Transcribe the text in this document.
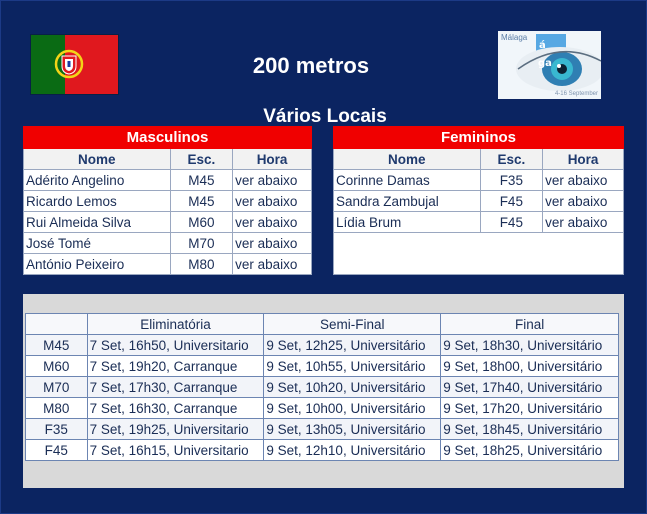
200 metros
Vários Locais
á
ga
Málaga
4-16 September
Masculinos		
Nome	Esc.	Hora
Adérito Angelino	M45	ver abaixo
Ricardo Lemos	M45	ver abaixo
Rui Almeida Silva	M60	ver abaixo
José Tomé	M70	ver abaixo
António Peixeiro	M80	ver abaixo
Femininos		
Nome	Esc.	Hora
Corinne Damas	F35	ver abaixo
Sandra Zambujal	F45	ver abaixo
Lídia Brum	F45	ver abaixo

	Eliminatória	Semi-Final	Final
M45	7 Set, 16h50, Universitario	9 Set, 12h25, Universitário	9 Set, 18h30, Universitário
M60	7 Set, 19h20, Carranque	9 Set, 10h55, Universitário	9 Set, 18h00, Universitário
M70	7 Set, 17h30, Carranque	9 Set, 10h20, Universitário	9 Set, 17h40, Universitário
M80	7 Set, 16h30, Carranque	9 Set, 10h00, Universitário	9 Set, 17h20, Universitário
F35	7 Set, 19h25, Universitario	9 Set, 13h05, Universitário	9 Set, 18h45, Universitário
F45	7 Set, 16h15, Universitario	9 Set, 12h10, Universitário	9 Set, 18h25, Universitário
